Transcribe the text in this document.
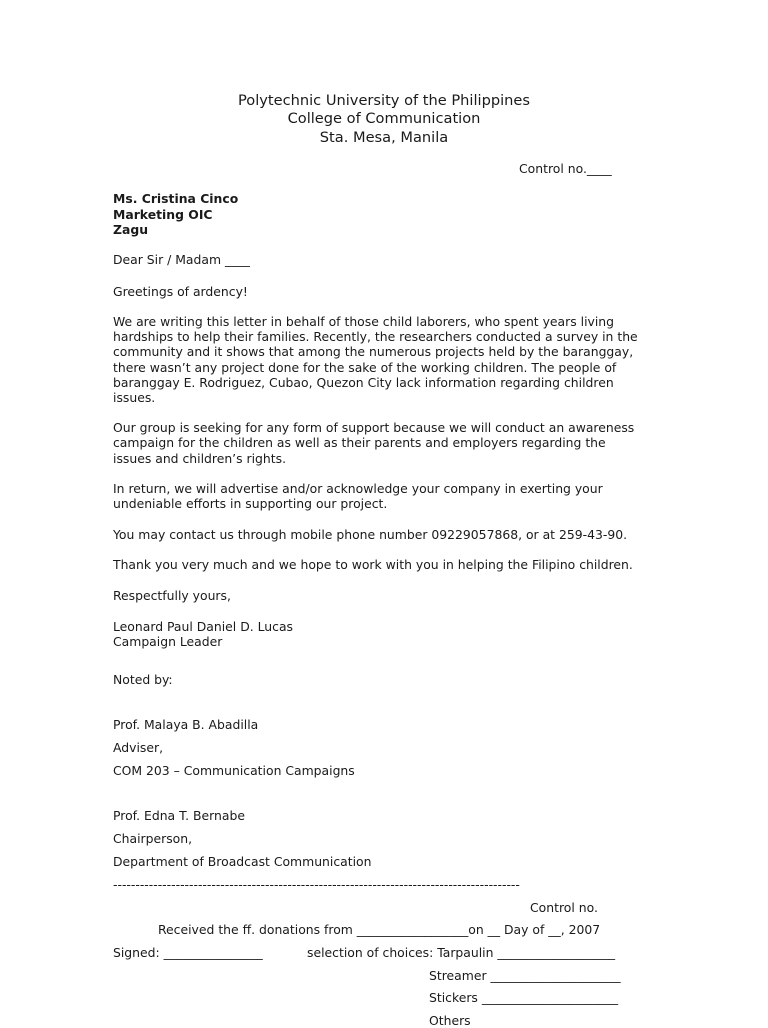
Polytechnic University of the Philippines
College of Communication
Sta. Mesa, Manila
Control no.____
Ms. Cristina Cinco
Marketing OIC
Zagu
Dear Sir / Madam ____
Greetings of ardency!
We are writing this letter in behalf of those child laborers, who spent years living
hardships to help their families. Recently, the researchers conducted a survey in the
community and it shows that among the numerous projects held by the baranggay,
there wasn’t any project done for the sake of the working children. The people of
baranggay E. Rodriguez, Cubao, Quezon City lack information regarding children
issues.
Our group is seeking for any form of support because we will conduct an awareness
campaign for the children as well as their parents and employers regarding the
issues and children’s rights.
In return, we will advertise and/or acknowledge your company in exerting your
undeniable efforts in supporting our project.
You may contact us through mobile phone number 09229057868, or at 259-43-90.
Thank you very much and we hope to work with you in helping the Filipino children.
Respectfully yours,
Leonard Paul Daniel D. Lucas
Campaign Leader
Noted by:
Prof. Malaya B. Abadilla
Adviser,
COM 203 – Communication Campaigns
Prof. Edna T. Bernabe
Chairperson,
Department of Broadcast Communication
-------------------------------------------------------------------------------------------
Control no.
Received the ff. donations from __________________on __ Day of __, 2007
Signed: ________________	selection of choices: Tarpaulin ___________________
Streamer _____________________
Stickers ______________________
Others
